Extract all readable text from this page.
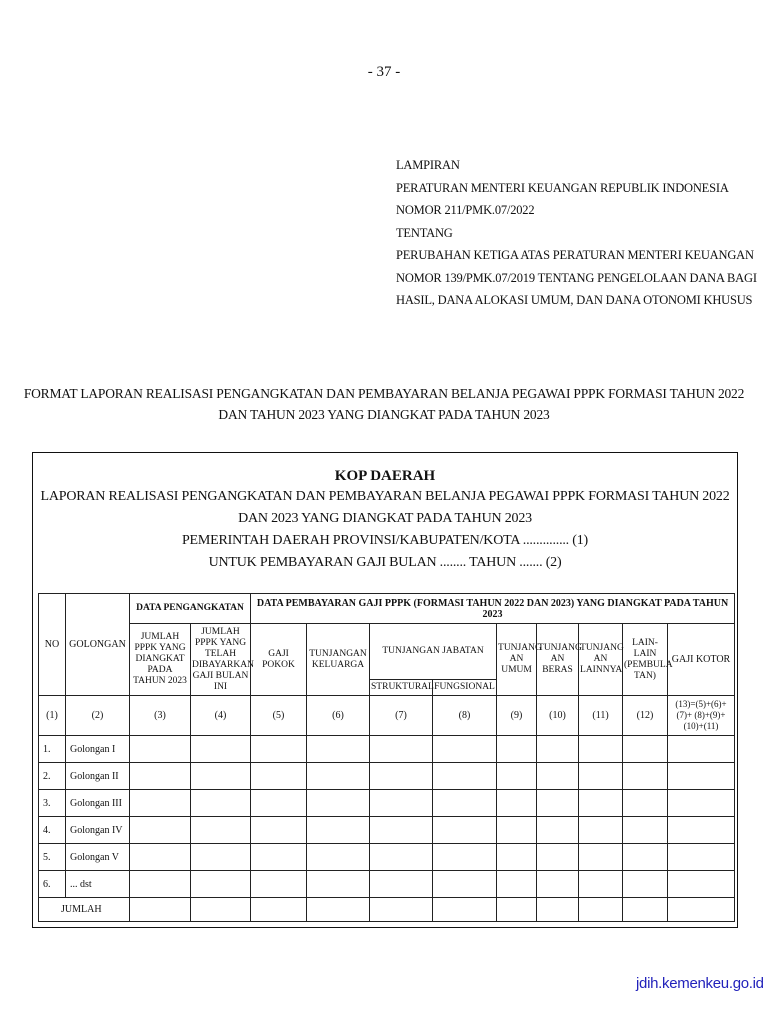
- 37 -
LAMPIRAN
PERATURAN MENTERI KEUANGAN REPUBLIK INDONESIA
NOMOR 211/PMK.07/2022
TENTANG
PERUBAHAN KETIGA ATAS PERATURAN MENTERI KEUANGAN
NOMOR 139/PMK.07/2019 TENTANG PENGELOLAAN DANA BAGI
HASIL, DANA ALOKASI UMUM, DAN DANA OTONOMI KHUSUS
FORMAT LAPORAN REALISASI PENGANGKATAN DAN PEMBAYARAN BELANJA PEGAWAI PPPK FORMASI TAHUN 2022
DAN TAHUN 2023 YANG DIANGKAT PADA TAHUN 2023
KOP DAERAH
LAPORAN REALISASI PENGANGKATAN DAN PEMBAYARAN BELANJA PEGAWAI PPPK FORMASI TAHUN 2022
DAN 2023 YANG DIANGKAT PADA TAHUN 2023
PEMERINTAH DAERAH PROVINSI/KABUPATEN/KOTA .............. (1)
UNTUK PEMBAYARAN GAJI BULAN ........ TAHUN ....... (2)
NO	GOLONGAN	DATA PENGANGKATAN		DATA PEMBAYARAN GAJI PPPK (FORMASI TAHUN 2022 DAN 2023) YANG DIANGKAT PADA TAHUN 2023								
		JUMLAH PPPK YANG DIANGKAT PADA TAHUN 2023	JUMLAH PPPK YANG TELAH DIBAYARKAN GAJI BULAN INI	GAJI POKOK	TUNJANGAN KELUARGA	TUNJANGAN JABATAN		TUNJANG AN UMUM	TUNJANG AN BERAS	TUNJANG AN LAINNYA	LAIN-LAIN (PEMBULA TAN)	GAJI KOTOR
						STRUKTURAL	FUNGSIONAL					
(1)	(2)	(3)	(4)	(5)	(6)	(7)	(8)	(9)	(10)	(11)	(12)	(13)=(5)+(6)+(7)+ (8)+(9)+(10)+(11)
1.	Golongan I											
2.	Golongan II											
3.	Golongan III											
4.	Golongan IV											
5.	Golongan V											
6.	... dst											
JUMLAH												
jdih.kemenkeu.go.id
